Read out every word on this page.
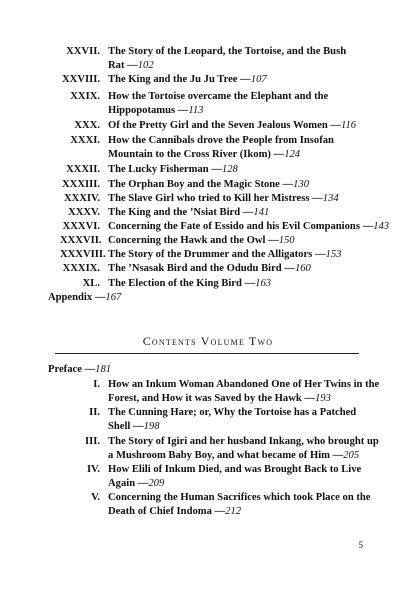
XXVII. The Story of the Leopard, the Tortoise, and the Bush
Rat —102
XXVIII. The King and the Ju Ju Tree —107
XXIX. How the Tortoise overcame the Elephant and the
Hippopotamus —113
XXX. Of the Pretty Girl and the Seven Jealous Women —116
XXXI. How the Cannibals drove the People from Insofan
Mountain to the Cross River (Ikom) —124
XXXII. The Lucky Fisherman —128
XXXIII. The Orphan Boy and the Magic Stone —130
XXXIV. The Slave Girl who tried to Kill her Mistress —134
XXXV. The King and the ’Nsiat Bird —141
XXXVI. Concerning the Fate of Essido and his Evil Companions —143
XXXVII. Concerning the Hawk and the Owl —150
XXXVIII. The Story of the Drummer and the Alligators —153
XXXIX. The ’Nsasak Bird and the Odudu Bird —160
XL. The Election of the King Bird —163
Appendix —167
Contents Volume Two
Preface —181
I. How an Inkum Woman Abandoned One of Her Twins in the
Forest, and How it was Saved by the Hawk —193
II. The Cunning Hare; or, Why the Tortoise has a Patched
Shell —198
III. The Story of Igiri and her husband Inkang, who brought up
a Mushroom Baby Boy, and what became of Him —205
IV. How Elili of Inkum Died, and was Brought Back to Live
Again —209
V. Concerning the Human Sacrifices which took Place on the
Death of Chief Indoma —212
5
